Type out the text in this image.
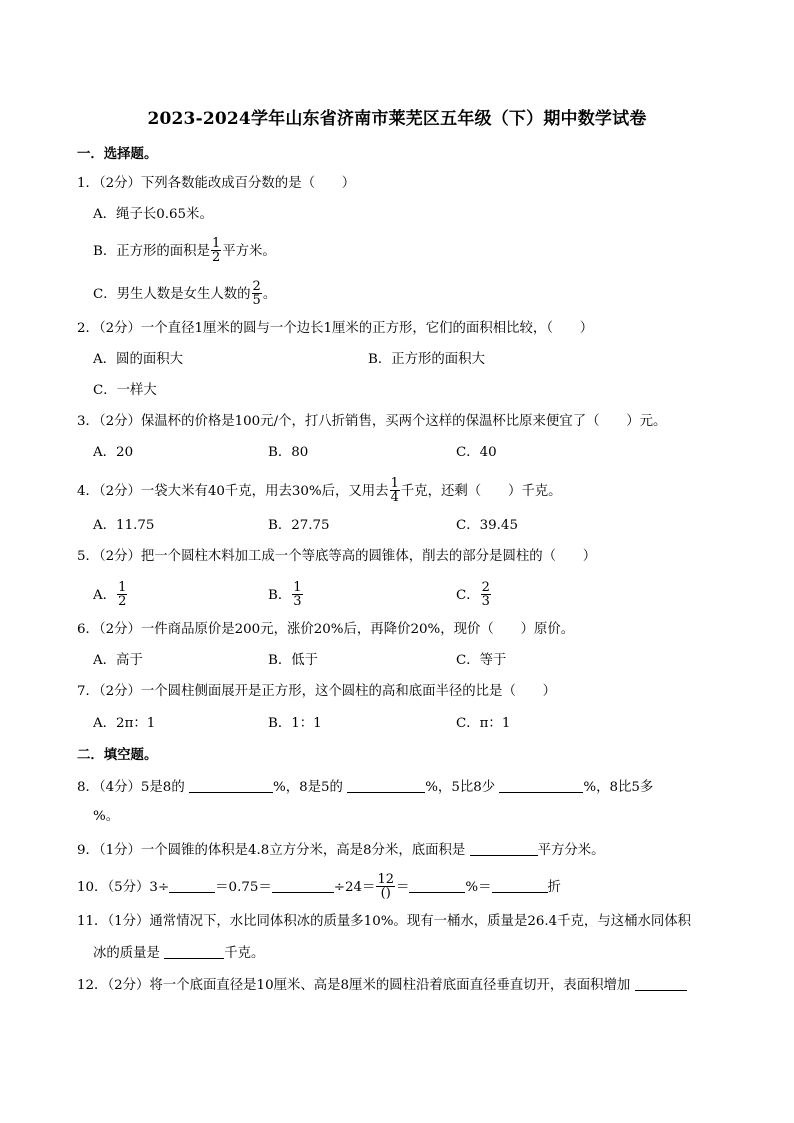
2023-2024学年山东省济南市莱芜区五年级（下）期中数学试卷
一．选择题。
1．（2分）下列各数能改成百分数的是（　　）
A．绳子长0.65米。
B．正方形的面积是 $\frac{1}{2}$ 平方米。
C．男生人数是女生人数的 $\frac{2}{5}$ 。
2．（2分）一个直径1厘米的圆与一个边长1厘米的正方形，它们的面积相比较，（　　）
A．圆的面积大	B．正方形的面积大
C．一样大
3．（2分）保温杯的价格是100元/个，打八折销售，买两个这样的保温杯比原来便宜了（　　）元。
A．20	B．80	C．40
4．（2分）一袋大米有40千克，用去30%后，又用去 $\frac{1}{4}$ 千克，还剩（　　）千克。
A．11.75	B．27.75	C．39.45
5．（2分）把一个圆柱木料加工成一个等底等高的圆锥体，削去的部分是圆柱的（　　）
A． $\frac{1}{2}$	B． $\frac{1}{3}$	C． $\frac{2}{3}$
6．（2分）一件商品原价是200元，涨价20%后，再降价20%，现价（　　）原价。
A．高于	B．低于	C．等于
7．（2分）一个圆柱侧面展开是正方形，这个圆柱的高和底面半径的比是（　　）
A．2π：1	B．1：1	C．π：1
二．填空题。
8．（4分）5是8的	%，8是5的	%，5比8少	%，8比5多
%。
9．（1分）一个圆锥的体积是4.8立方分米，高是8分米，底面积是	平方分米。
10．（5分）3÷	＝0.75＝	$\div 24= \frac{12}{()}$ ＝	%＝	折
11．（1分）通常情况下，水比同体积冰的质量多10%。现有一桶水，质量是26.4千克，与这桶水同体积
冰的质量是	千克。
12．（2分）将一个底面直径是10厘米、高是8厘米的圆柱沿着底面直径垂直切开，表面积增加
